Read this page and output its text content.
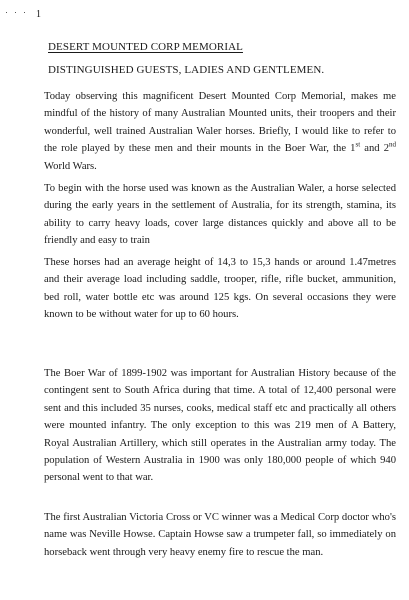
1
DESERT MOUNTED CORP MEMORIAL
DISTINGUISHED GUESTS, LADIES AND GENTLEMEN.

Today observing this magnificent Desert Mounted Corp Memorial, makes me mindful of the history of many Australian Mounted units, their troopers and their wonderful, well trained Australian Waler horses. Briefly, I would like to refer to the role played by these men and their mounts in the Boer War, the 1st and 2nd World Wars.

To begin with the horse used was known as the Australian Waler, a horse selected during the early years in the settlement of Australia, for its strength, stamina, its ability to carry heavy loads, cover large distances quickly and above all to be friendly and easy to train

These horses had an average height of 14,3 to 15,3 hands or around 1.47metres and their average load including saddle, trooper, rifle, rifle bucket, ammunition, bed roll, water bottle etc was around 125 kgs. On several occasions they were known to be without water for up to 60 hours.

The Boer War of 1899-1902 was important for Australian History because of the contingent sent to South Africa during that time. A total of 12,400 personal were sent and this included 35 nurses, cooks, medical staff etc and practically all others were mounted infantry. The only exception to this was 219 men of A Battery, Royal Australian Artillery, which still operates in the Australian army today. The population of Western Australia in 1900 was only 180,000 people of which 940 personal went to that war.

The first Australian Victoria Cross or VC winner was a Medical Corp doctor who's name was Neville Howse. Captain Howse saw a trumpeter fall, so immediately on horseback went through very heavy enemy fire to rescue the man.
